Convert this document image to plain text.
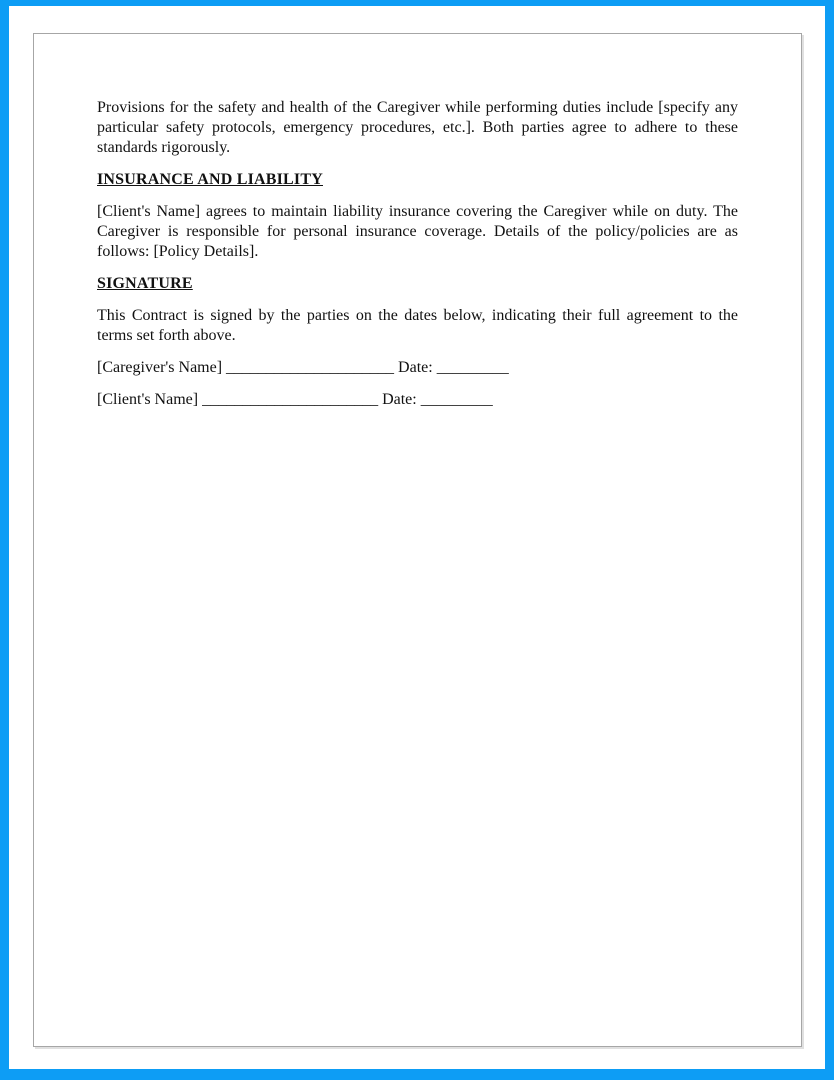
Provisions for the safety and health of the Caregiver while performing duties include [specify any particular safety protocols, emergency procedures, etc.]. Both parties agree to adhere to these standards rigorously.

INSURANCE AND LIABILITY

[Client's Name] agrees to maintain liability insurance covering the Caregiver while on duty. The Caregiver is responsible for personal insurance coverage. Details of the policy/policies are as follows: [Policy Details].

SIGNATURE

This Contract is signed by the parties on the dates below, indicating their full agreement to the terms set forth above.

[Caregiver's Name] _____________________ Date: _________

[Client's Name] ______________________ Date: _________
